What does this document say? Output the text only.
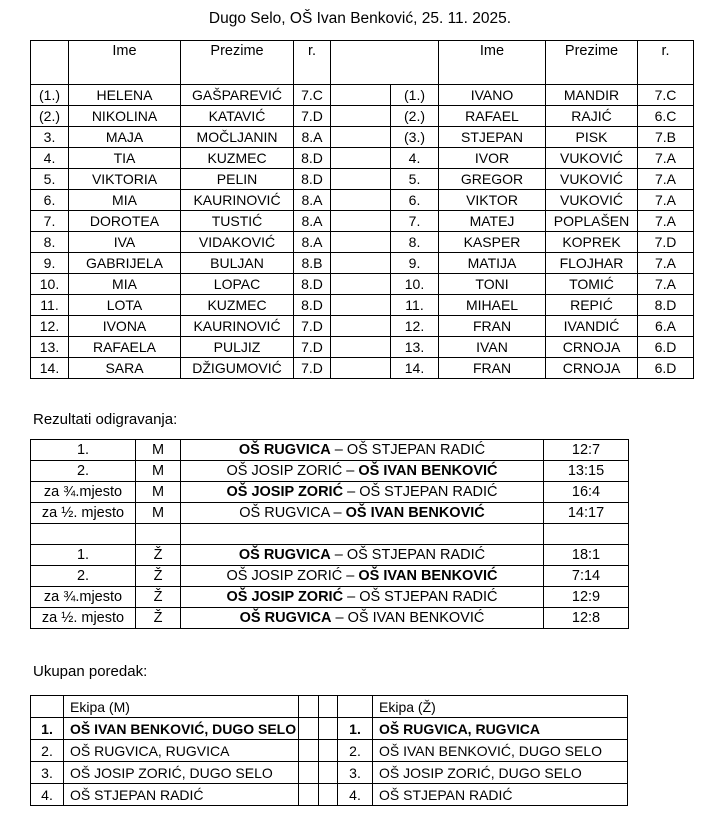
Dugo Selo, OŠ Ivan Benković, 25. 11. 2025.
	Ime	Prezime	r.			Ime	Prezime	r.
(1.)	HELENA	GAŠPAREVIĆ	7.C		(1.)	IVANO	MANDIR	7.C
(2.)	NIKOLINA	KATAVIĆ	7.D		(2.)	RAFAEL	RAJIĆ	6.C
3.	MAJA	MOČLJANIN	8.A		(3.)	STJEPAN	PISK	7.B
4.	TIA	KUZMEC	8.D		4.	IVOR	VUKOVIĆ	7.A
5.	VIKTORIA	PELIN	8.D		5.	GREGOR	VUKOVIĆ	7.A
6.	MIA	KAURINOVIĆ	8.A		6.	VIKTOR	VUKOVIĆ	7.A
7.	DOROTEA	TUSTIĆ	8.A		7.	MATEJ	POPLAŠEN	7.A
8.	IVA	VIDAKOVIĆ	8.A		8.	KASPER	KOPREK	7.D
9.	GABRIJELA	BULJAN	8.B		9.	MATIJA	FLOJHAR	7.A
10.	MIA	LOPAC	8.D		10.	TONI	TOMIĆ	7.A
11.	LOTA	KUZMEC	8.D		11.	MIHAEL	REPIĆ	8.D
12.	IVONA	KAURINOVIĆ	7.D		12.	FRAN	IVANDIĆ	6.A
13.	RAFAELA	PULJIZ	7.D		13.	IVAN	CRNOJA	6.D
14.	SARA	DŽIGUMOVIĆ	7.D		14.	FRAN	CRNOJA	6.D
Rezultati odigravanja:
1.	M	OŠ RUGVICA – OŠ STJEPAN RADIĆ	12:7
2.	M	OŠ JOSIP ZORIĆ – OŠ IVAN BENKOVIĆ	13:15
za ¾.mjesto	M	OŠ JOSIP ZORIĆ – OŠ STJEPAN RADIĆ	16:4
za ½. mjesto	M	OŠ RUGVICA – OŠ IVAN BENKOVIĆ	14:17

1.	Ž	OŠ RUGVICA – OŠ STJEPAN RADIĆ	18:1
2.	Ž	OŠ JOSIP ZORIĆ – OŠ IVAN BENKOVIĆ	7:14
za ¾.mjesto	Ž	OŠ JOSIP ZORIĆ – OŠ STJEPAN RADIĆ	12:9
za ½. mjesto	Ž	OŠ RUGVICA – OŠ IVAN BENKOVIĆ	12:8
Ukupan poredak:
	Ekipa (M)				Ekipa (Ž)
1.	OŠ IVAN BENKOVIĆ, DUGO SELO			1.	OŠ RUGVICA, RUGVICA
2.	OŠ RUGVICA, RUGVICA			2.	OŠ IVAN BENKOVIĆ, DUGO SELO
3.	OŠ JOSIP ZORIĆ, DUGO SELO			3.	OŠ JOSIP ZORIĆ, DUGO SELO
4.	OŠ STJEPAN RADIĆ			4.	OŠ STJEPAN RADIĆ
